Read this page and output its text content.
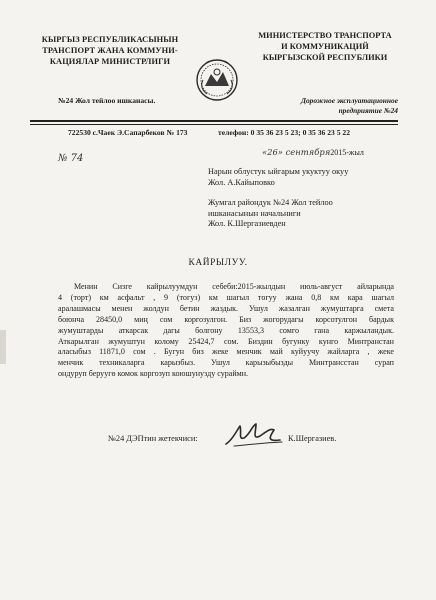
КЫРГЫЗ РЕСПУБЛИКАСЫНЫН
ТРАНСПОРТ ЖАНА КОММУНИ-
КАЦИЯЛАР МИНИСТРЛИГИ
МИНИСТЕРСТВО ТРАНСПОРТА
И КОММУНИКАЦИЙ
КЫРГЫЗСКОЙ РЕСПУБЛИКИ
№24 Жол тейлоо ишканасы.	Дорожное эксплуатационное
предприятие №24
722530 с.Чаек Э.Сапарбеков № 173	телефон: 0 35 36 23 5 23; 0 35 36 23 5 22
№ 74
«26» сентября2015-жыл
Нарын облустук ыйгарым укуктуу окуу
Жол. А.Кайыповко
Жумгал райондук №24 Жол тейлоо
ишканасынын начальниги
Жол. К.Шергазиевден
КАЙРЫЛУУ.
Менин Сизге кайрылуумдун себеби:2015-жылдын июль-август айларында
4 (торт) км асфальт , 9 (тогуз) км шагыл тогуу жана 0,8 км кара шагыл
аралашмасы менен жолдун бетин жаздык. Ушул жазалган жумуштарга смета
боюнча 28450,0 миң сом коргозулгон. Биз жогорудагы корсотулгон бардык
жумуштарды аткарсак дагы болгону 13553,3 сомго гана каржыландык.
Аткарылган жумуштун колому 25424,7 сом. Биздин бугунку кунго Минтранстан
аласыбыз 11871,0 сом . Бугун биз жеке менчик май куйуучу жайларга , жеке
менчик техникаларга карызбыз. Ушул карызыбызды Минтрансстан сурап
ондуруп беруугө комок коргозуп коюшунузду сураймн.
№24 ДЭПтин жетекчиси:	К.Шергазиев.
